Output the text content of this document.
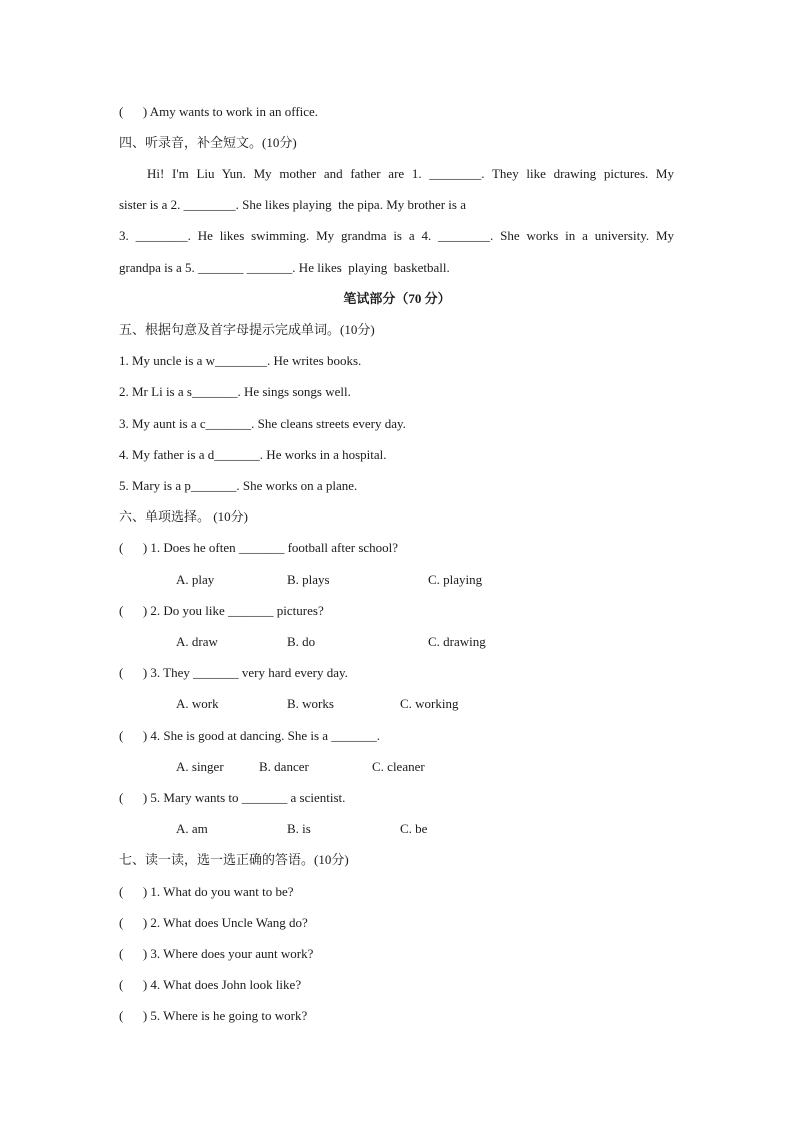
(      ) Amy wants to work in an office.
四、听录音，补全短文。(10分)
Hi! I'm Liu Yun. My mother and father are 1. ________. They like drawing pictures. My
sister is a 2. ________. She likes playing  the pipa. My brother is a
3. ________. He likes swimming. My grandma is a 4. ________. She works in a university. My
grandpa is a 5. _______ _______. He likes  playing  basketball.
笔试部分（70 分）
五、根据句意及首字母提示完成单词。(10分)
1. My uncle is a w________. He writes books.
2. Mr Li is a s_______. He sings songs well.
3. My aunt is a c_______. She cleans streets every day.
4. My father is a d_______. He works in a hospital.
5. Mary is a p_______. She works on a plane.
六、单项选择。 (10分)
(      ) 1. Does he often _______ football after school?
A. play	B. plays	C. playing
(      ) 2. Do you like _______ pictures?
A. draw	B. do	C. drawing
(      ) 3. They _______ very hard every day.
A. work	B. works	C. working
(      ) 4. She is good at dancing. She is a _______.
A. singer	B. dancer	C. cleaner
(      ) 5. Mary wants to _______ a scientist.
A. am	B. is	C. be
七、读一读，选一选正确的答语。(10分)
(      ) 1. What do you want to be?
(      ) 2. What does Uncle Wang do?
(      ) 3. Where does your aunt work?
(      ) 4. What does John look like?
(      ) 5. Where is he going to work?
